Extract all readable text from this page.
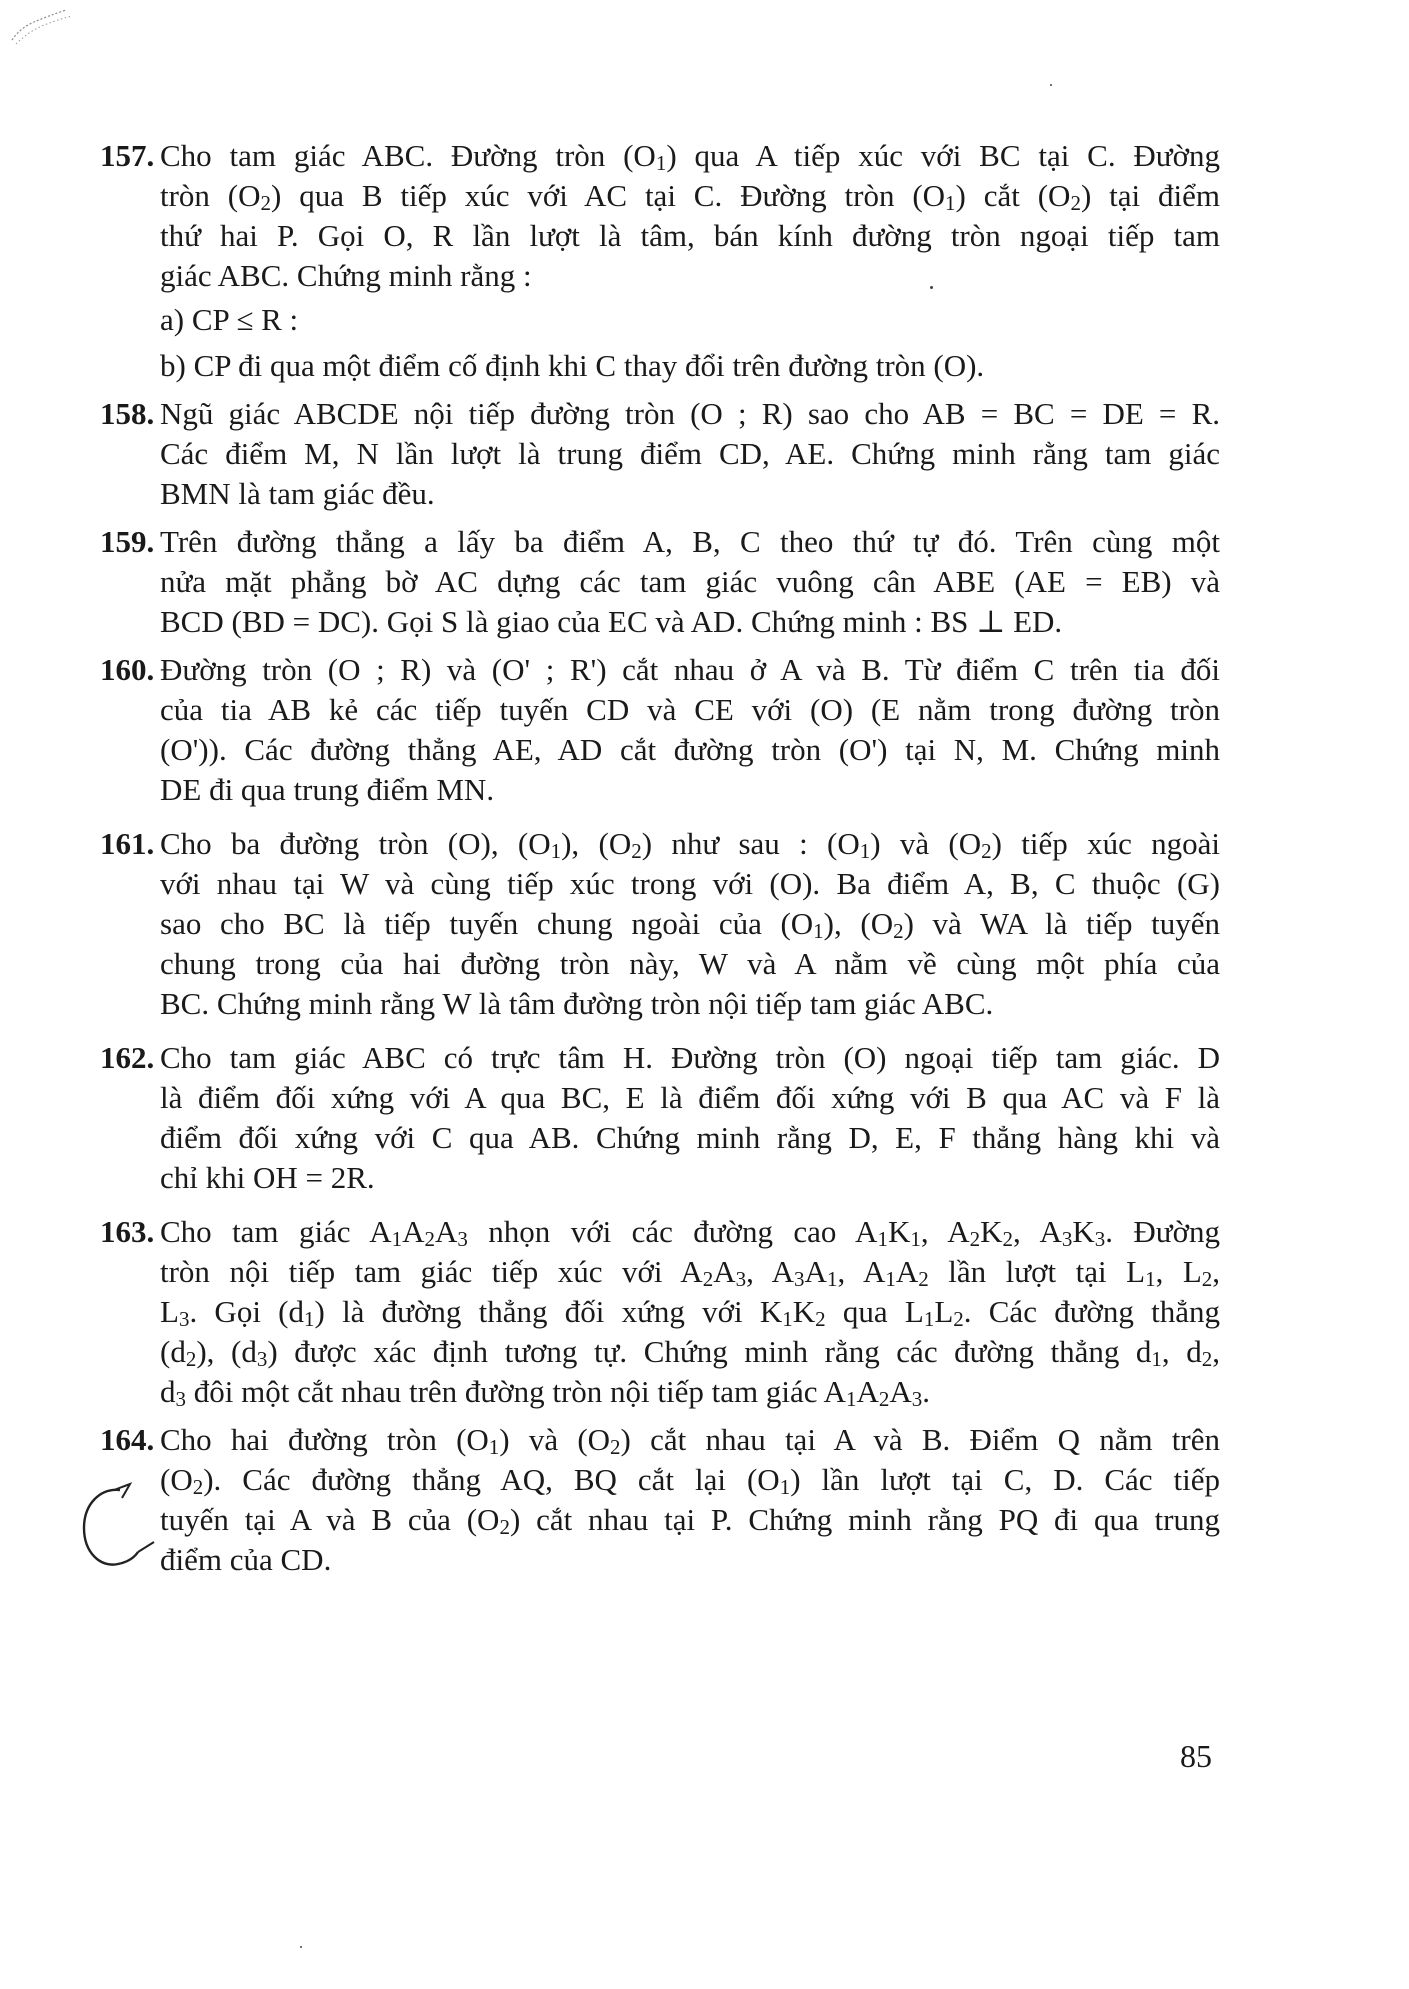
157. Cho tam giác ABC. Đường tròn (O1) qua A tiếp xúc với BC tại C. Đường
tròn (O2) qua B tiếp xúc với AC tại C. Đường tròn (O1) cắt (O2) tại điểm
thứ hai P. Gọi O, R lần lượt là tâm, bán kính đường tròn ngoại tiếp tam
giác ABC. Chứng minh rằng :
a) CP ≤ R :
b) CP đi qua một điểm cố định khi C thay đổi trên đường tròn (O).
158. Ngũ giác ABCDE nội tiếp đường tròn (O ; R) sao cho AB = BC = DE = R.
Các điểm M, N lần lượt là trung điểm CD, AE. Chứng minh rằng tam giác
BMN là tam giác đều.
159. Trên đường thẳng a lấy ba điểm A, B, C theo thứ tự đó. Trên cùng một
nửa mặt phẳng bờ AC dựng các tam giác vuông cân ABE (AE = EB) và
BCD (BD = DC). Gọi S là giao của EC và AD. Chứng minh : BS ⊥ ED.
160. Đường tròn (O ; R) và (O' ; R') cắt nhau ở A và B. Từ điểm C trên tia đối
của tia AB kẻ các tiếp tuyến CD và CE với (O) (E nằm trong đường tròn
(O')). Các đường thẳng AE, AD cắt đường tròn (O') tại N, M. Chứng minh
DE đi qua trung điểm MN.
161. Cho ba đường tròn (O), (O1), (O2) như sau : (O1) và (O2) tiếp xúc ngoài
với nhau tại W và cùng tiếp xúc trong với (O). Ba điểm A, B, C thuộc (G)
sao cho BC là tiếp tuyến chung ngoài của (O1), (O2) và WA là tiếp tuyến
chung trong của hai đường tròn này, W và A nằm về cùng một phía của
BC. Chứng minh rằng W là tâm đường tròn nội tiếp tam giác ABC.
162. Cho tam giác ABC có trực tâm H. Đường tròn (O) ngoại tiếp tam giác. D
là điểm đối xứng với A qua BC, E là điểm đối xứng với B qua AC và F là
điểm đối xứng với C qua AB. Chứng minh rằng D, E, F thẳng hàng khi và
chỉ khi OH = 2R.
163. Cho tam giác A1A2A3 nhọn với các đường cao A1K1, A2K2, A3K3. Đường
tròn nội tiếp tam giác tiếp xúc với A2A3, A3A1, A1A2 lần lượt tại L1, L2,
L3. Gọi (d1) là đường thẳng đối xứng với K1K2 qua L1L2. Các đường thẳng
(d2), (d3) được xác định tương tự. Chứng minh rằng các đường thẳng d1, d2,
d3 đôi một cắt nhau trên đường tròn nội tiếp tam giác A1A2A3.
164. Cho hai đường tròn (O1) và (O2) cắt nhau tại A và B. Điểm Q nằm trên
(O2). Các đường thẳng AQ, BQ cắt lại (O1) lần lượt tại C, D. Các tiếp
tuyến tại A và B của (O2) cắt nhau tại P. Chứng minh rằng PQ đi qua trung
điểm của CD.
85
